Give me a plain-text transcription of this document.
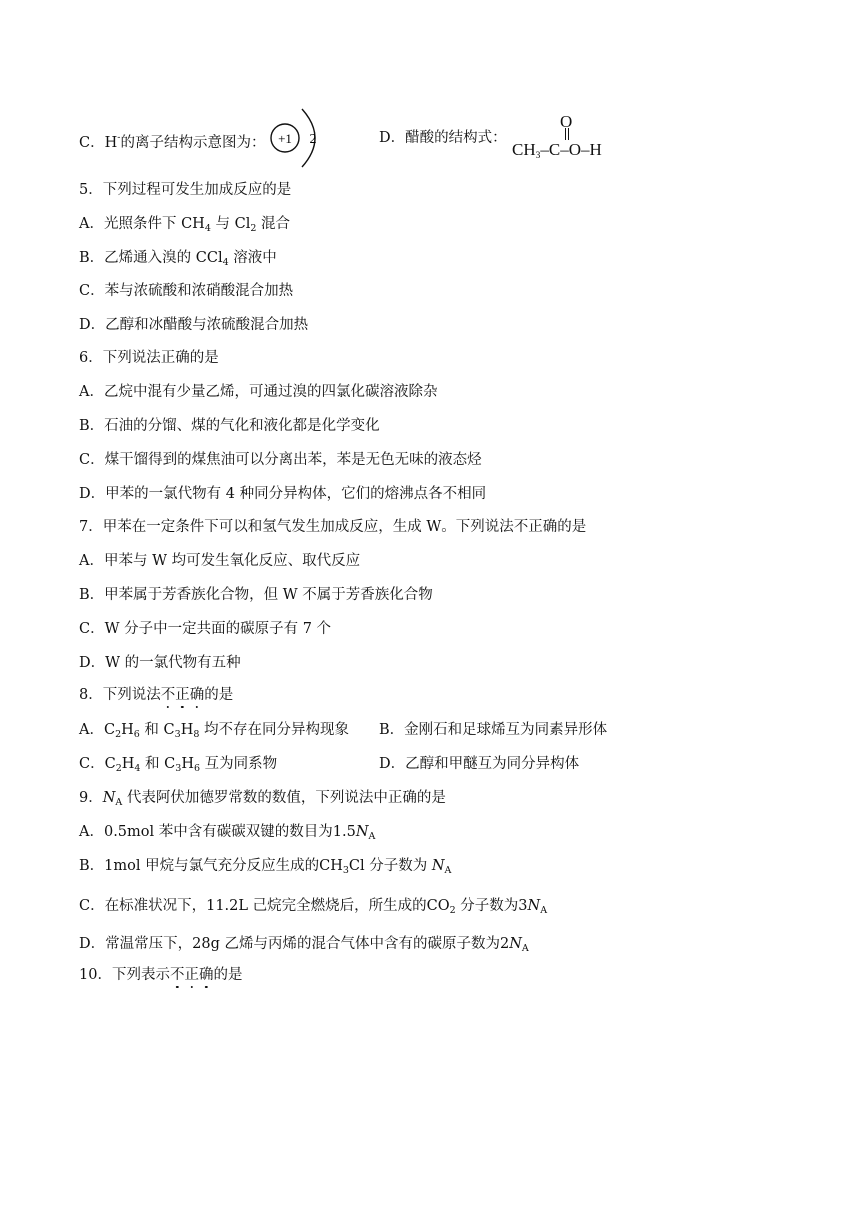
C．H-的离子结构示意图为： +1 2	D．醋酸的结构式：
O
$CH_3-C-O-H$
5．下列过程可发生加成反应的是
A．光照条件下 $CH_4$ 与 $Cl_2$ 混合
B．乙烯通入溴的 CCl$_4$ 溶液中
C．苯与浓硫酸和浓硝酸混合加热
D．乙醇和冰醋酸与浓硫酸混合加热
6．下列说法正确的是
A．乙烷中混有少量乙烯，可通过溴的四氯化碳溶液除杂
B．石油的分馏、煤的气化和液化都是化学变化
C．煤干馏得到的煤焦油可以分离出苯，苯是无色无味的液态烃
D．甲苯的一氯代物有 4 种同分异构体，它们的熔沸点各不相同
7．甲苯在一定条件下可以和氢气发生加成反应，生成 W。下列说法不正确的是
A．甲苯与 W 均可发生氧化反应、取代反应
B．甲苯属于芳香族化合物，但 W 不属于芳香族化合物
C．W 分子中一定共面的碳原子有 7 个
D．W 的一氯代物有五种
8．下列说法不正确的是
A．$C_2H_6$ 和 $C_3H_8$ 均不存在同分异构现象 B．金刚石和足球烯互为同素异形体
C．$C_2H_4$ 和 $C_3H_6$ 互为同系物	D．乙醇和甲醚互为同分异构体
9．$N_A$ 代表阿伏加德罗常数的数值，下列说法中正确的是
A．0.5mol 苯中含有碳碳双键的数目为$1.5N_A$
B．1mol 甲烷与氯气充分反应生成的$CH_3Cl$ 分子数为 $N_A$
C．在标准状况下，11.2L 己烷完全燃烧后，所生成的$CO_2$ 分子数为$3N_A$
D．常温常压下，28g 乙烯与丙烯的混合气体中含有的碳原子数为$2N_A$
10．下列表示不正确的是
